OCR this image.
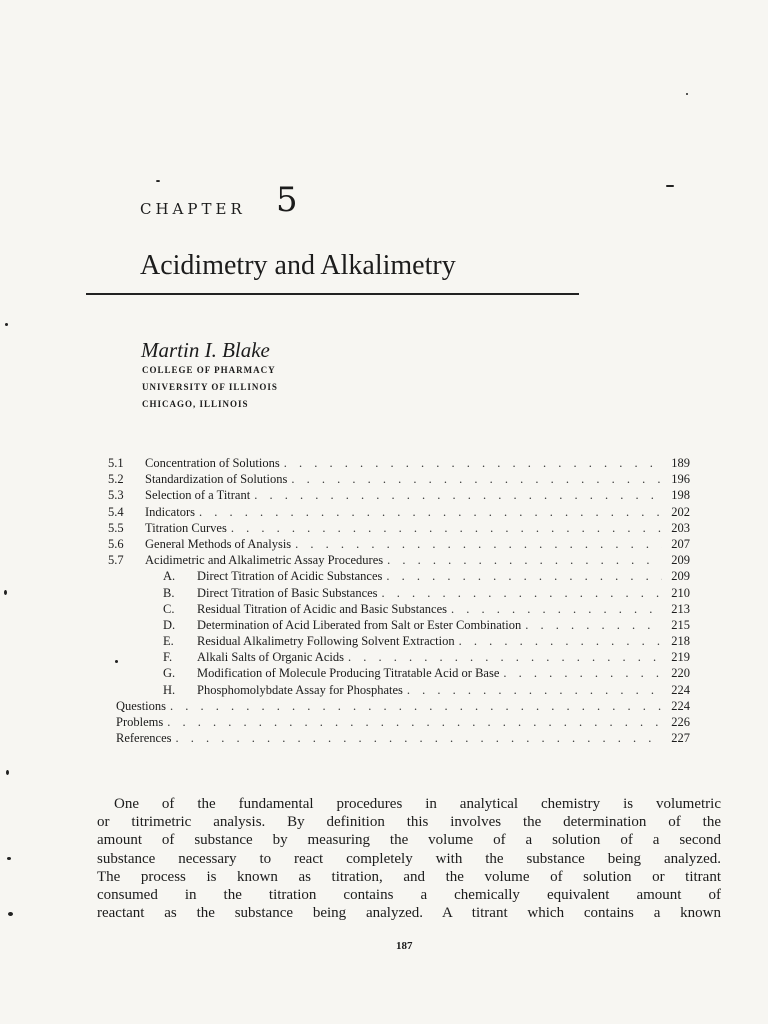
CHAPTER 5
Acidimetry and Alkalimetry
Martin I. Blake
COLLEGE OF PHARMACY
UNIVERSITY OF ILLINOIS
CHICAGO, ILLINOIS
5.1	Concentration of Solutions . . .	189
5.2	Standardization of Solutions . . .	196
5.3	Selection of a Titrant . . .	198
5.4	Indicators . . .	202
5.5	Titration Curves . . .	203
5.6	General Methods of Analysis . . .	207
5.7	Acidimetric and Alkalimetric Assay Procedures . . .	209
A.	Direct Titration of Acidic Substances . . .	209
B.	Direct Titration of Basic Substances . . .	210
C.	Residual Titration of Acidic and Basic Substances . . .	213
D.	Determination of Acid Liberated from Salt or Ester Combination . . .	215
E.	Residual Alkalimetry Following Solvent Extraction . . .	218
F.	Alkali Salts of Organic Acids . . .	219
G.	Modification of Molecule Producing Titratable Acid or Base . . .	220
H.	Phosphomolybdate Assay for Phosphates . . .	224
Questions . . .	224
Problems . . .	226
References . . .	227
One of the fundamental procedures in analytical chemistry is volumetric
or titrimetric analysis. By definition this involves the determination of the
amount of substance by measuring the volume of a solution of a second
substance necessary to react completely with the substance being analyzed.
The process is known as titration, and the volume of solution or titrant
consumed in the titration contains a chemically equivalent amount of
reactant as the substance being analyzed. A titrant which contains a known
187
